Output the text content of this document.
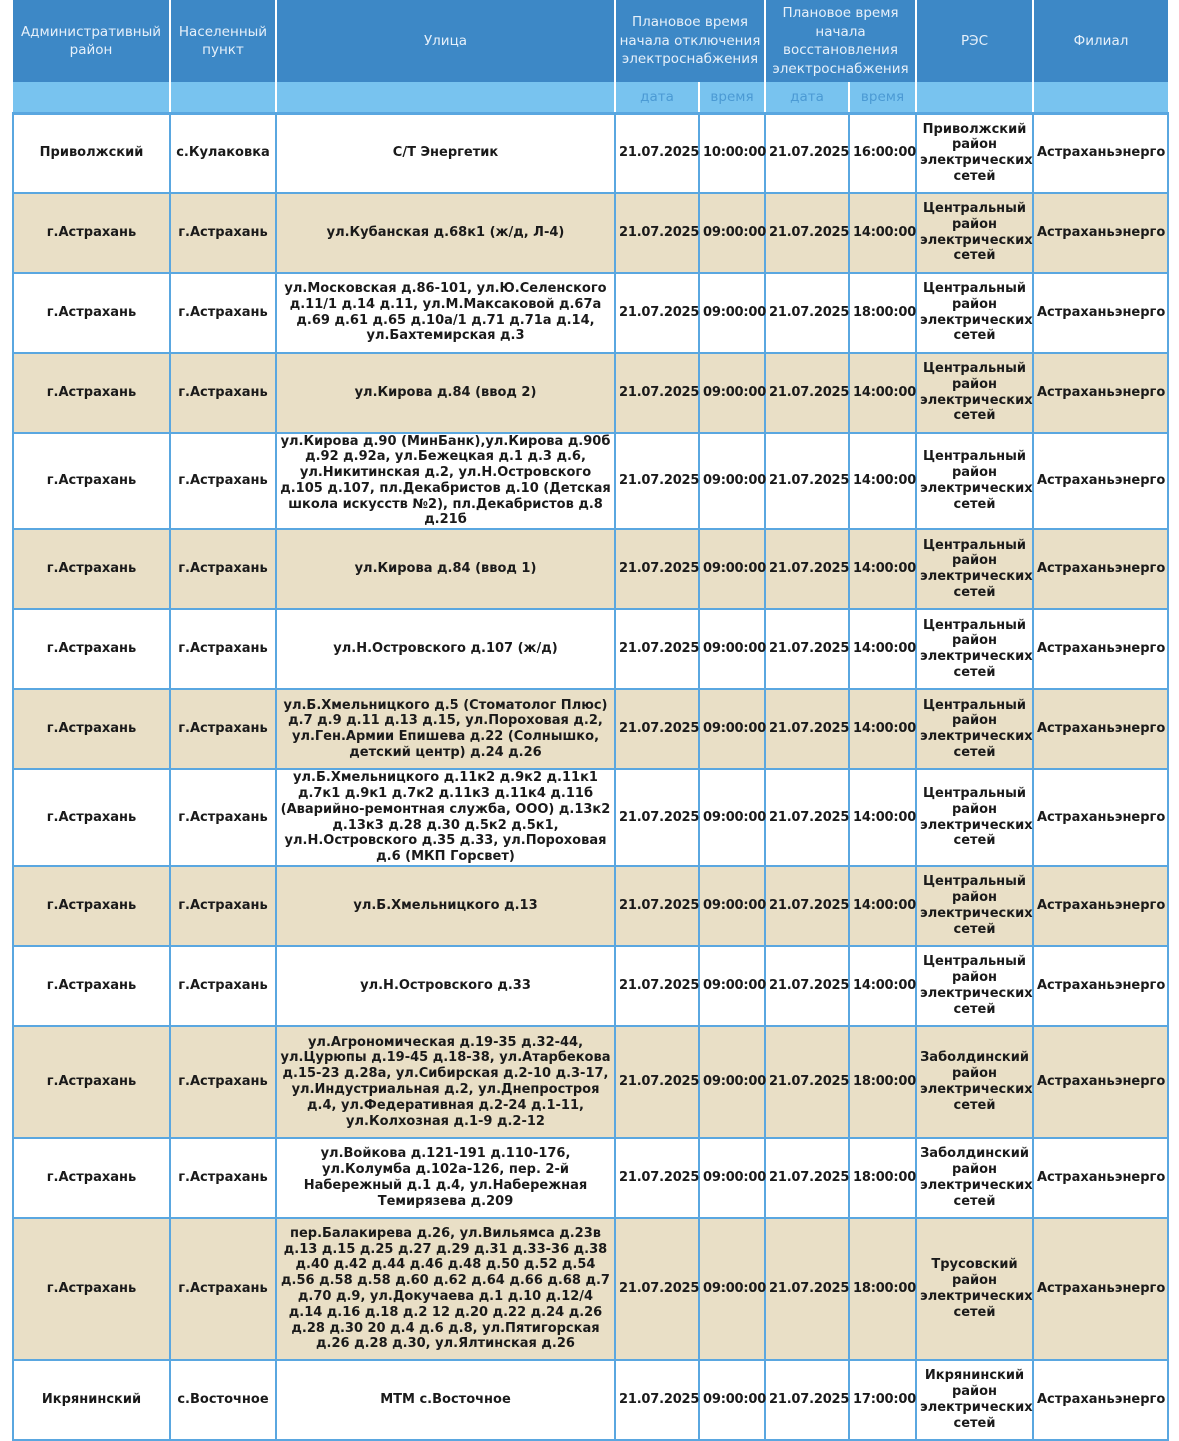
Административный район	Населенный пункт	Улица	Плановое время начала отключения электроснабжения		Плановое время начала восстановления электроснабжения		РЭС	Филиал
			дата	время	дата	время		
Приволжский	с.Кулаковка	С/Т Энергетик	21.07.2025	10:00:00	21.07.2025	16:00:00	Приволжский район электрических сетей	Астраханьэнерго
г.Астрахань	г.Астрахань	ул.Кубанская д.68к1 (ж/д, Л-4)	21.07.2025	09:00:00	21.07.2025	14:00:00	Центральный район электрических сетей	Астраханьэнерго
г.Астрахань	г.Астрахань	ул.Московская д.86-101, ул.Ю.Селенского д.11/1 д.14 д.11, ул.М.Максаковой д.67а д.69 д.61 д.65 д.10а/1 д.71 д.71а д.14, ул.Бахтемирская д.3	21.07.2025	09:00:00	21.07.2025	18:00:00	Центральный район электрических сетей	Астраханьэнерго
г.Астрахань	г.Астрахань	ул.Кирова д.84 (ввод 2)	21.07.2025	09:00:00	21.07.2025	14:00:00	Центральный район электрических сетей	Астраханьэнерго
г.Астрахань	г.Астрахань	ул.Кирова д.90 (МинБанк),ул.Кирова д.90б д.92 д.92а, ул.Бежецкая д.1 д.3 д.6, ул.Никитинская д.2, ул.Н.Островского д.105 д.107, пл.Декабристов д.10 (Детская школа искусств №2), пл.Декабристов д.8 д.21б	21.07.2025	09:00:00	21.07.2025	14:00:00	Центральный район электрических сетей	Астраханьэнерго
г.Астрахань	г.Астрахань	ул.Кирова д.84 (ввод 1)	21.07.2025	09:00:00	21.07.2025	14:00:00	Центральный район электрических сетей	Астраханьэнерго
г.Астрахань	г.Астрахань	ул.Н.Островского д.107 (ж/д)	21.07.2025	09:00:00	21.07.2025	14:00:00	Центральный район электрических сетей	Астраханьэнерго
г.Астрахань	г.Астрахань	ул.Б.Хмельницкого д.5 (Стоматолог Плюс) д.7 д.9 д.11 д.13 д.15, ул.Пороховая д.2, ул.Ген.Армии Епишева д.22 (Солнышко, детский центр) д.24 д.26	21.07.2025	09:00:00	21.07.2025	14:00:00	Центральный район электрических сетей	Астраханьэнерго
г.Астрахань	г.Астрахань	ул.Б.Хмельницкого д.11к2 д.9к2 д.11к1 д.7к1 д.9к1 д.7к2 д.11к3 д.11к4 д.11б (Аварийно-ремонтная служба, ООО) д.13к2 д.13к3 д.28 д.30 д.5к2 д.5к1, ул.Н.Островского д.35 д.33, ул.Пороховая д.6 (МКП Горсвет)	21.07.2025	09:00:00	21.07.2025	14:00:00	Центральный район электрических сетей	Астраханьэнерго
г.Астрахань	г.Астрахань	ул.Б.Хмельницкого д.13	21.07.2025	09:00:00	21.07.2025	14:00:00	Центральный район электрических сетей	Астраханьэнерго
г.Астрахань	г.Астрахань	ул.Н.Островского д.33	21.07.2025	09:00:00	21.07.2025	14:00:00	Центральный район электрических сетей	Астраханьэнерго
г.Астрахань	г.Астрахань	ул.Агрономическая д.19-35 д.32-44, ул.Цурюпы д.19-45 д.18-38, ул.Атарбекова д.15-23 д.28а, ул.Сибирская д.2-10 д.3-17, ул.Индустриальная д.2, ул.Днепростроя д.4, ул.Федеративная д.2-24 д.1-11, ул.Колхозная д.1-9 д.2-12	21.07.2025	09:00:00	21.07.2025	18:00:00	Заболдинский район электрических сетей	Астраханьэнерго
г.Астрахань	г.Астрахань	ул.Войкова д.121-191 д.110-176, ул.Колумба д.102а-126, пер. 2-й Набережный д.1 д.4, ул.Набережная Темирязева д.209	21.07.2025	09:00:00	21.07.2025	18:00:00	Заболдинский район электрических сетей	Астраханьэнерго
г.Астрахань	г.Астрахань	пер.Балакирева д.26, ул.Вильямса д.23в д.13 д.15 д.25 д.27 д.29 д.31 д.33-36 д.38 д.40 д.42 д.44 д.46 д.48 д.50 д.52 д.54 д.56 д.58 д.58 д.60 д.62 д.64 д.66 д.68 д.7 д.70 д.9, ул.Докучаева д.1 д.10 д.12/4 д.14 д.16 д.18 д.2 12 д.20 д.22 д.24 д.26 д.28 д.30 20 д.4 д.6 д.8, ул.Пятигорская д.26 д.28 д.30, ул.Ялтинская д.26	21.07.2025	09:00:00	21.07.2025	18:00:00	Трусовский район электрических сетей	Астраханьэнерго
Икрянинский	с.Восточное	МТМ с.Восточное	21.07.2025	09:00:00	21.07.2025	17:00:00	Икрянинский район электрических сетей	Астраханьэнерго
